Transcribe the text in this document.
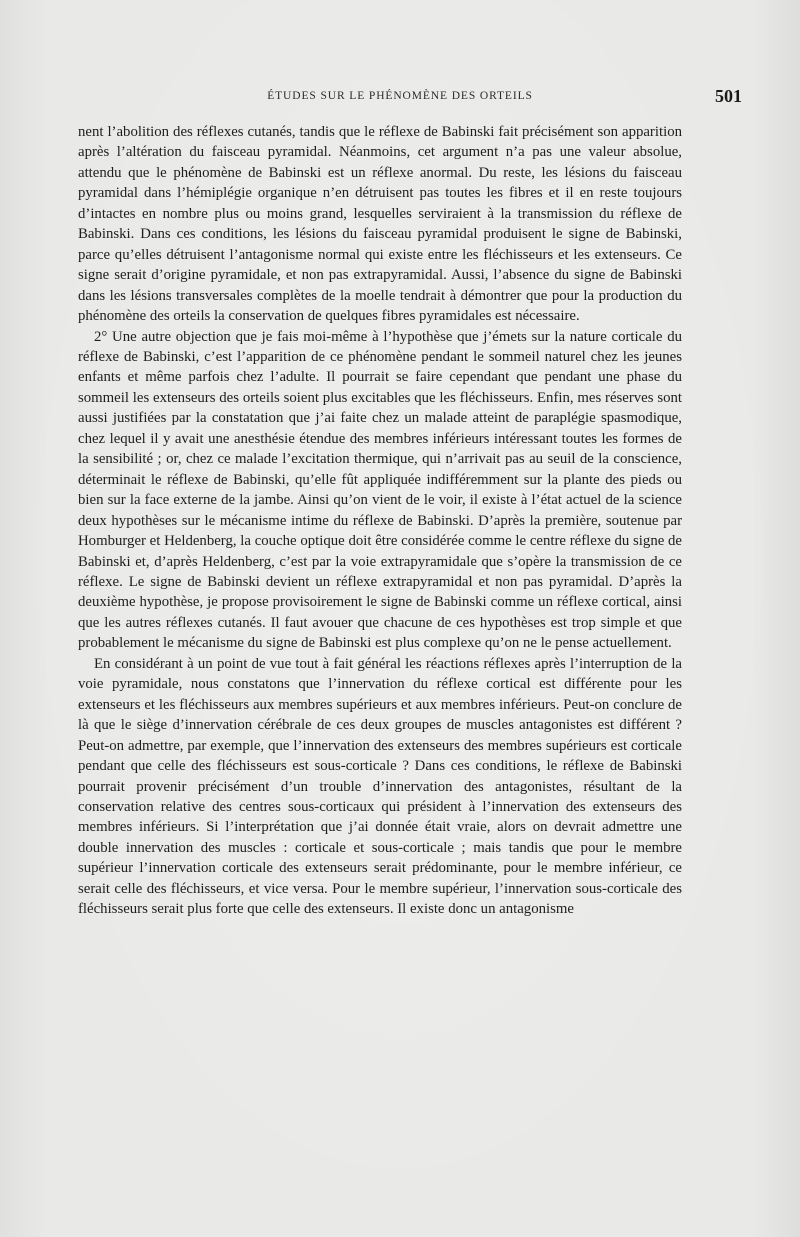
ÉTUDES SUR LE PHÉNOMÈNE DES ORTEILS	501

nent l’abolition des réflexes cutanés, tandis que le réflexe de Babinski fait précisément son apparition après l’altération du faisceau pyramidal. Néanmoins, cet argument n’a pas une valeur absolue, attendu que le phénomène de Babinski est un réflexe anormal. Du reste, les lésions du faisceau pyramidal dans l’hémiplégie organique n’en détruisent pas toutes les fibres et il en reste toujours d’intactes en nombre plus ou moins grand, lesquelles serviraient à la transmission du réflexe de Babinski. Dans ces conditions, les lésions du faisceau pyramidal produisent le signe de Babinski, parce qu’elles détruisent l’antagonisme normal qui existe entre les fléchisseurs et les extenseurs. Ce signe serait d’origine pyramidale, et non pas extrapyramidal. Aussi, l’absence du signe de Babinski dans les lésions transversales complètes de la moelle tendrait à démontrer que pour la production du phénomène des orteils la conservation de quelques fibres pyramidales est nécessaire.

2° Une autre objection que je fais moi-même à l’hypothèse que j’émets sur la nature corticale du réflexe de Babinski, c’est l’apparition de ce phénomène pendant le sommeil naturel chez les jeunes enfants et même parfois chez l’adulte. Il pourrait se faire cependant que pendant une phase du sommeil les extenseurs des orteils soient plus excitables que les fléchisseurs. Enfin, mes réserves sont aussi justifiées par la constatation que j’ai faite chez un malade atteint de paraplégie spasmodique, chez lequel il y avait une anesthésie étendue des membres inférieurs intéressant toutes les formes de la sensibilité ; or, chez ce malade l’excitation thermique, qui n’arrivait pas au seuil de la conscience, déterminait le réflexe de Babinski, qu’elle fût appliquée indifféremment sur la plante des pieds ou bien sur la face externe de la jambe. Ainsi qu’on vient de le voir, il existe à l’état actuel de la science deux hypothèses sur le mécanisme intime du réflexe de Babinski. D’après la première, soutenue par Homburger et Heldenberg, la couche optique doit être considérée comme le centre réflexe du signe de Babinski et, d’après Heldenberg, c’est par la voie extrapyramidale que s’opère la transmission de ce réflexe. Le signe de Babinski devient un réflexe extrapyramidal et non pas pyramidal. D’après la deuxième hypothèse, je propose provisoirement le signe de Babinski comme un réflexe cortical, ainsi que les autres réflexes cutanés. Il faut avouer que chacune de ces hypothèses est trop simple et que probablement le mécanisme du signe de Babinski est plus complexe qu’on ne le pense actuellement.

En considérant à un point de vue tout à fait général les réactions réflexes après l’interruption de la voie pyramidale, nous constatons que l’innervation du réflexe cortical est différente pour les extenseurs et les fléchisseurs aux membres supérieurs et aux membres inférieurs. Peut-on conclure de là que le siège d’innervation cérébrale de ces deux groupes de muscles antagonistes est différent ? Peut-on admettre, par exemple, que l’innervation des extenseurs des membres supérieurs est corticale pendant que celle des fléchisseurs est sous-corticale ? Dans ces conditions, le réflexe de Babinski pourrait provenir précisément d’un trouble d’innervation des antagonistes, résultant de la conservation relative des centres sous-corticaux qui président à l’innervation des extenseurs des membres inférieurs. Si l’interprétation que j’ai donnée était vraie, alors on devrait admettre une double innervation des muscles : corticale et sous-corticale ; mais tandis que pour le membre supérieur l’innervation corticale des extenseurs serait prédominante, pour le membre inférieur, ce serait celle des fléchisseurs, et vice versa. Pour le membre supérieur, l’innervation sous-corticale des fléchisseurs serait plus forte que celle des extenseurs. Il existe donc un antagonisme
